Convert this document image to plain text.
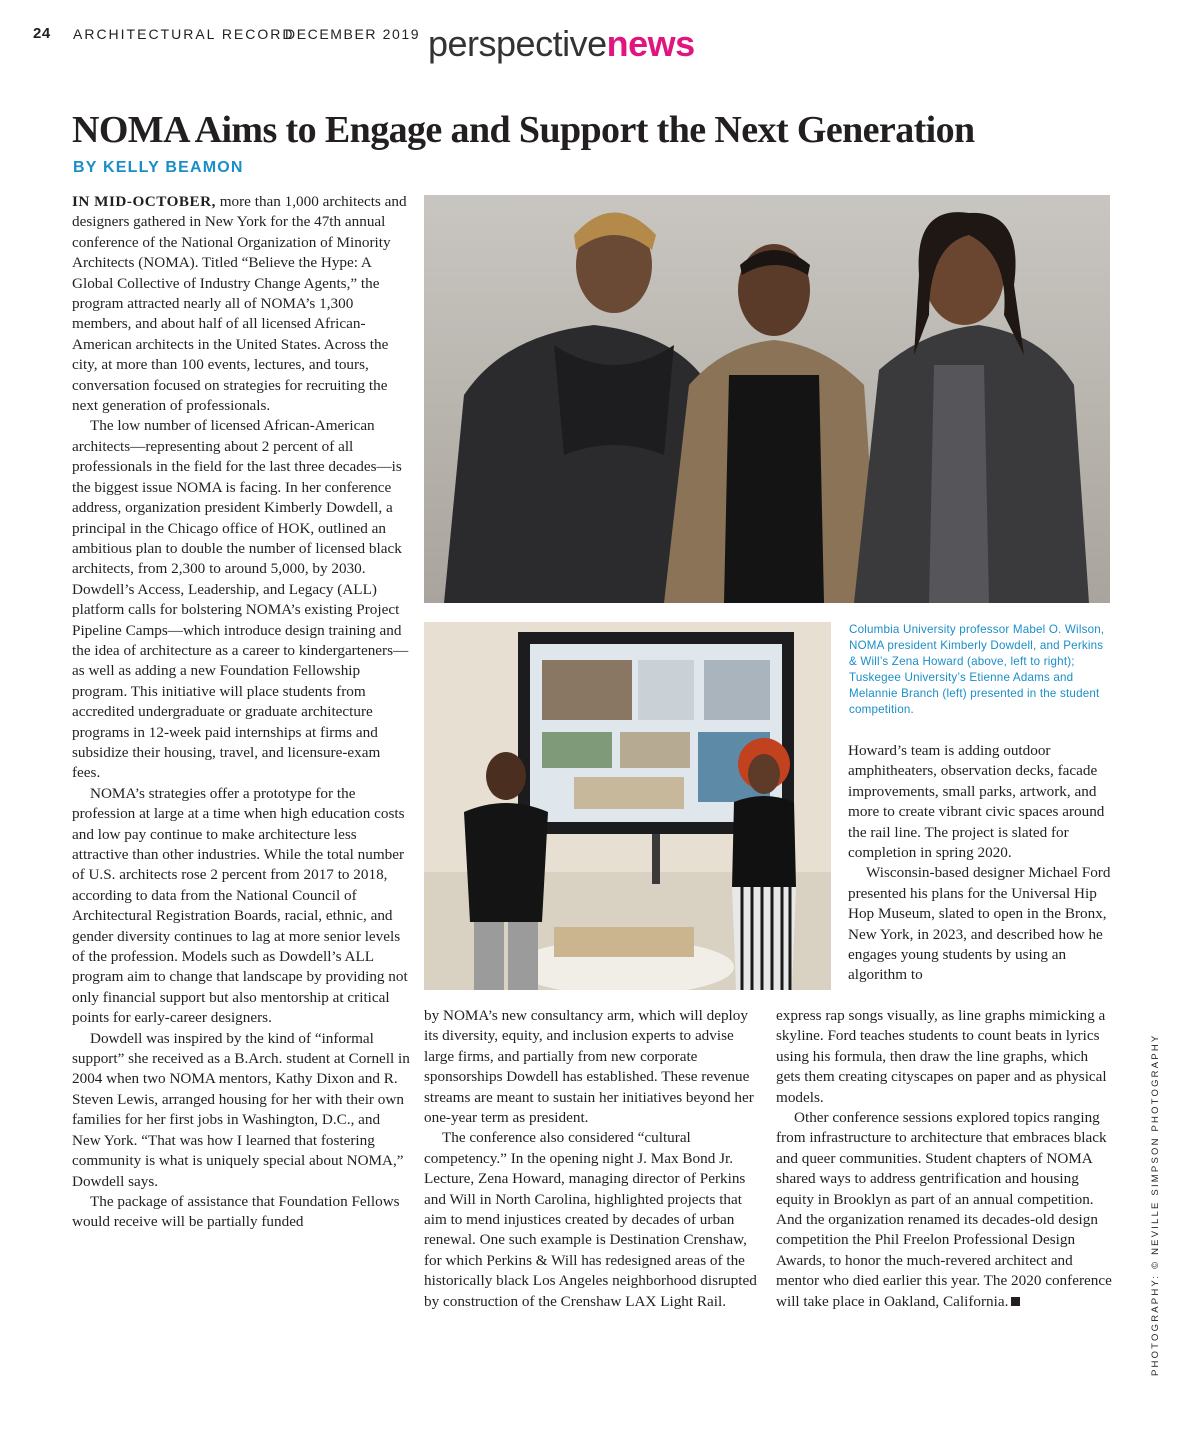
24 ARCHITECTURAL RECORD
DECEMBER 2019 perspectivenews
NOMA Aims to Engage and Support the Next Generation
BY KELLY BEAMON

IN MID-OCTOBER, more than 1,000 architects and designers gathered in New York for the 47th annual conference of the National Organization of Minority Architects (NOMA). Titled “Believe the Hype: A Global Collective of Industry Change Agents,” the program attracted nearly all of NOMA’s 1,300 members, and about half of all licensed African-American architects in the United States. Across the city, at more than 100 events, lectures, and tours, conversation focused on strategies for recruiting the next generation of professionals.

The low number of licensed African-American architects—representing about 2 percent of all professionals in the field for the last three decades—is the biggest issue NOMA is facing. In her conference address, organization president Kimberly Dowdell, a principal in the Chicago office of HOK, outlined an ambitious plan to double the number of licensed black architects, from 2,300 to around 5,000, by 2030. Dowdell’s Access, Leadership, and Legacy (ALL) platform calls for bolstering NOMA’s existing Project Pipeline Camps—which introduce design training and the idea of architecture as a career to kindergarteners—as well as adding a new Foundation Fellowship program. This initiative will place students from accredited undergraduate or graduate architecture programs in 12-week paid internships at firms and subsidize their housing, travel, and licensure-exam fees.

NOMA’s strategies offer a prototype for the profession at large at a time when high education costs and low pay continue to make architecture less attractive than other industries. While the total number of U.S. architects rose 2 percent from 2017 to 2018, according to data from the National Council of Architectural Registration Boards, racial, ethnic, and gender diversity continues to lag at more senior levels of the profession. Models such as Dowdell’s ALL program aim to change that landscape by providing not only financial support but also mentorship at critical points for early-career designers.

Dowdell was inspired by the kind of “informal support” she received as a B.Arch. student at Cornell in 2004 when two NOMA mentors, Kathy Dixon and R. Steven Lewis, arranged housing for her with their own families for her first jobs in Washington, D.C., and New York. “That was how I learned that fostering community is what is uniquely special about NOMA,” Dowdell says.

The package of assistance that Foundation Fellows would receive will be partially funded

Columbia University professor Mabel O. Wilson, NOMA president Kimberly Dowdell, and Perkins & Will’s Zena Howard (above, left to right); Tuskegee University’s Etienne Adams and Melannie Branch (left) presented in the student competition.

Howard’s team is adding outdoor amphitheaters, observation decks, facade improvements, small parks, artwork, and more to create vibrant civic spaces around the rail line. The project is slated for completion in spring 2020.

Wisconsin-based designer Michael Ford presented his plans for the Universal Hip Hop Museum, slated to open in the Bronx, New York, in 2023, and described how he engages young students by using an algorithm to

by NOMA’s new consultancy arm, which will deploy its diversity, equity, and inclusion experts to advise large firms, and partially from new corporate sponsorships Dowdell has established. These revenue streams are meant to sustain her initiatives beyond her one-year term as president.

The conference also considered “cultural competency.” In the opening night J. Max Bond Jr. Lecture, Zena Howard, managing director of Perkins and Will in North Carolina, highlighted projects that aim to mend injustices created by decades of urban renewal. One such example is Destination Crenshaw, for which Perkins & Will has redesigned areas of the historically black Los Angeles neighborhood disrupted by construction of the Crenshaw LAX Light Rail.

express rap songs visually, as line graphs mimicking a skyline. Ford teaches students to count beats in lyrics using his formula, then draw the line graphs, which gets them creating cityscapes on paper and as physical models.

Other conference sessions explored topics ranging from infrastructure to architecture that embraces black and queer communities. Student chapters of NOMA shared ways to address gentrification and housing equity in Brooklyn as part of an annual competition. And the organization renamed its decades-old design competition the Phil Freelon Professional Design Awards, to honor the much-revered architect and mentor who died earlier this year. The 2020 conference will take place in Oakland, California.	PHOTOGRAPHY: © NEVILLE SIMPSON PHOTOGRAPHY
